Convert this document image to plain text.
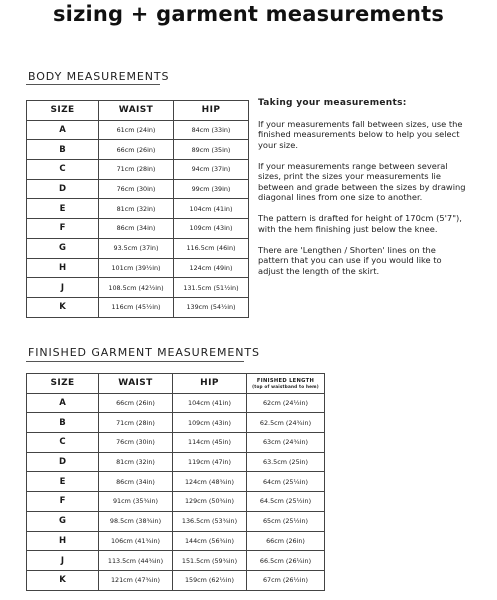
sizing + garment measurements
BODY MEASUREMENTS
SIZE	WAIST	HIP
A	61cm (24in)	84cm (33in)
B	66cm (26in)	89cm (35in)
C	71cm (28in)	94cm (37in)
D	76cm (30in)	99cm (39in)
E	81cm (32in)	104cm (41in)
F	86cm (34in)	109cm (43in)
G	93.5cm (37in)	116.5cm (46in)
H	101cm (39½in)	124cm (49in)
J	108.5cm (42½in)	131.5cm (51½in)
K	116cm (45½in)	139cm (54½in)
Taking your measurements:

If your measurements fall between sizes, use the finished measurements below to help you select your size.

If your measurements range between several sizes, print the sizes your measurements lie between and grade between the sizes by drawing diagonal lines from one size to another.

The pattern is drafted for height of 170cm (5'7"), with the hem finishing just below the knee.

There are 'Lengthen / Shorten' lines on the pattern that you can use if you would like to adjust the length of the skirt.

FINISHED GARMENT MEASUREMENTS
SIZE	WAIST	HIP	FINISHED LENGTH
(top of waistband to hem)

A	66cm (26in)	104cm (41in)	62cm (24½in)
B	71cm (28in)	109cm (43in)	62.5cm (24¾in)
C	76cm (30in)	114cm (45in)	63cm (24¾in)
D	81cm (32in)	119cm (47in)	63.5cm (25in)
E	86cm (34in)	124cm (48¾in)	64cm (25¼in)
F	91cm (35¾in)	129cm (50¾in)	64.5cm (25½in)
G	98.5cm (38¾in)	136.5cm (53¾in)	65cm (25½in)
H	106cm (41¾in)	144cm (56¾in)	66cm (26in)
J	113.5cm (44¾in)	151.5cm (59¾in)	66.5cm (26¼in)
K	121cm (47¾in)	159cm (62½in)	67cm (26½in)
